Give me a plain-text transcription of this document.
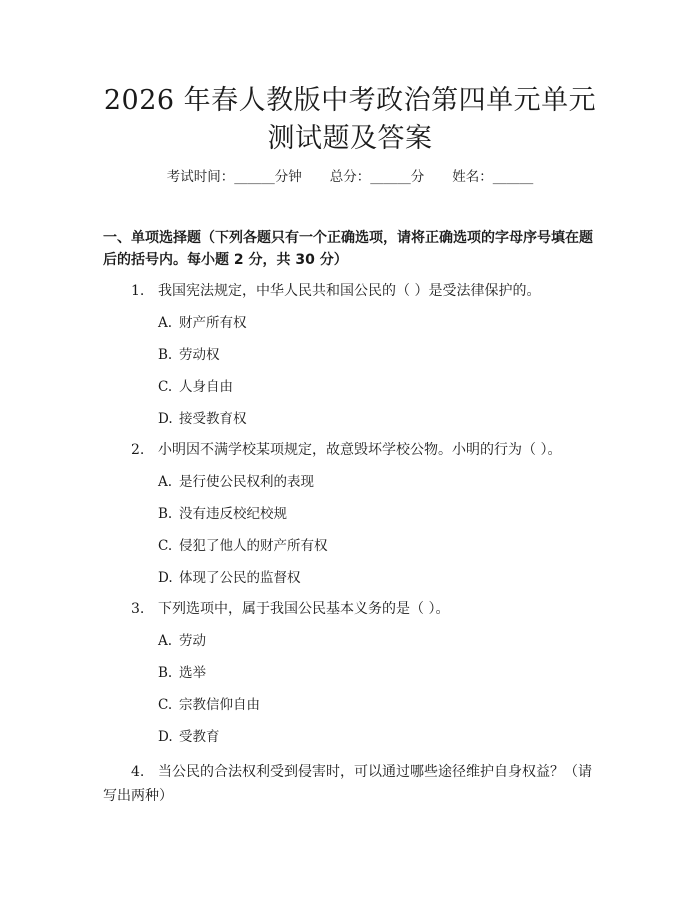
2026 年春人教版中考政治第四单元单元测试题及答案
考试时间：______分钟 总分：______分 姓名：______
一、单项选择题（下列各题只有一个正确选项，请将正确选项的字母序号填在题后的括号内。每小题 2 分，共 30 分）
1. 我国宪法规定，中华人民共和国公民的（ ）是受法律保护的。
A. 财产所有权
B. 劳动权
C. 人身自由
D. 接受教育权
2. 小明因不满学校某项规定，故意毁坏学校公物。小明的行为（ ）。
A. 是行使公民权利的表现
B. 没有违反校纪校规
C. 侵犯了他人的财产所有权
D. 体现了公民的监督权
3. 下列选项中，属于我国公民基本义务的是（ ）。
A. 劳动
B. 选举
C. 宗教信仰自由
D. 受教育
4. 当公民的合法权利受到侵害时，可以通过哪些途径维护自身权益？（请写出两种）
